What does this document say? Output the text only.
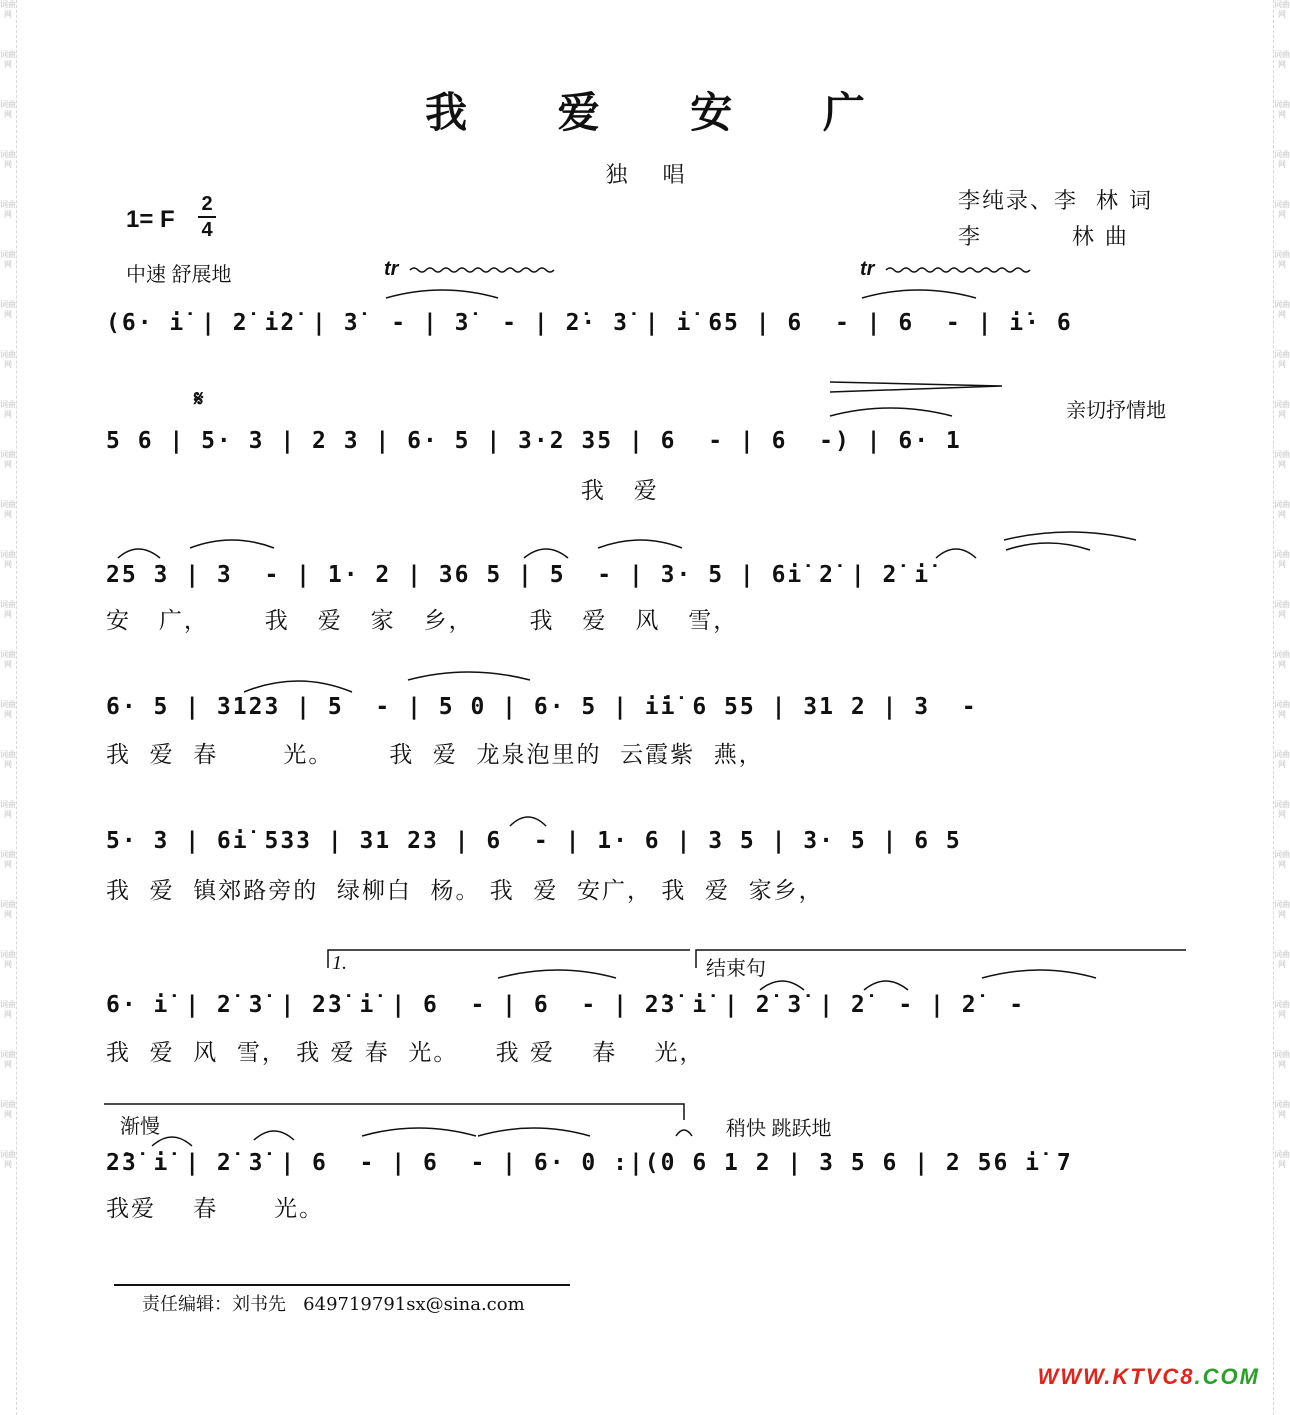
词曲网
词曲网
词曲网
词曲网
词曲网
词曲网
词曲网
词曲网
词曲网
词曲网
词曲网
词曲网
词曲网
词曲网
词曲网
词曲网
词曲网
词曲网
词曲网
词曲网
词曲网
词曲网
词曲网
词曲网
词曲网
词曲网
词曲网
词曲网
词曲网
词曲网
词曲网
词曲网
词曲网
词曲网
词曲网
词曲网
词曲网
词曲网
词曲网
词曲网
词曲网
词曲网
词曲网
词曲网
词曲网
词曲网
词曲网
词曲网
我 爱 安 广
独 唱
李纯录、李  林 词
李          林 曲
1= F
2
4
中速 舒展地	tr	tr
𝄋	亲切抒情地
1.	结束句
渐慢	稍快 跳跃地
(6· i̇ | 2̇ i̇2̇ | 3̇  - | 3̇  - | 2̇· 3̇ | i̇ 65 | 6  - | 6  - | i̇· 6
5 6 | 5· 3 | 2 3 | 6· 5 | 3·2 35 | 6  - | 6  -) | 6· 1
我   爱
25 3 | 3  - | 1· 2 | 36 5 | 5  - | 3· 5 | 6i̇ 2̇ | 2̇ i̇
安   广，      我   爱   家   乡，      我   爱   风   雪，
6· 5 | 3123 | 5  - | 5 0 | 6· 5 | i̇i̇ 6 55 | 31 2 | 3  -
我  爱  春       光。      我  爱  龙泉泡里的  云霞紫  燕，
5· 3 | 6i̇ 533 | 31 23 | 6  - | 1· 6 | 3 5 | 3· 5 | 6 5
我  爱  镇郊路旁的  绿柳白  杨。 我  爱  安广， 我  爱  家乡，
6· i̇ | 2̇ 3̇ | 2̇3̇ i̇ | 6  - | 6  - | 2̇3̇ i̇ | 2̇ 3̇ | 2̇  - | 2̇  -
我  爱  风  雪， 我 爱 春  光。    我 爱    春    光，
2̇3̇ i̇ | 2̇ 3̇ | 6  - | 6  - | 6· 0 :|(0 6 1 2 | 3 5 6 | 2 56 i̇ 7
我爱    春      光。
责任编辑：刘书先   649719791sx@sina.com
WWW.KTVC8.COM
